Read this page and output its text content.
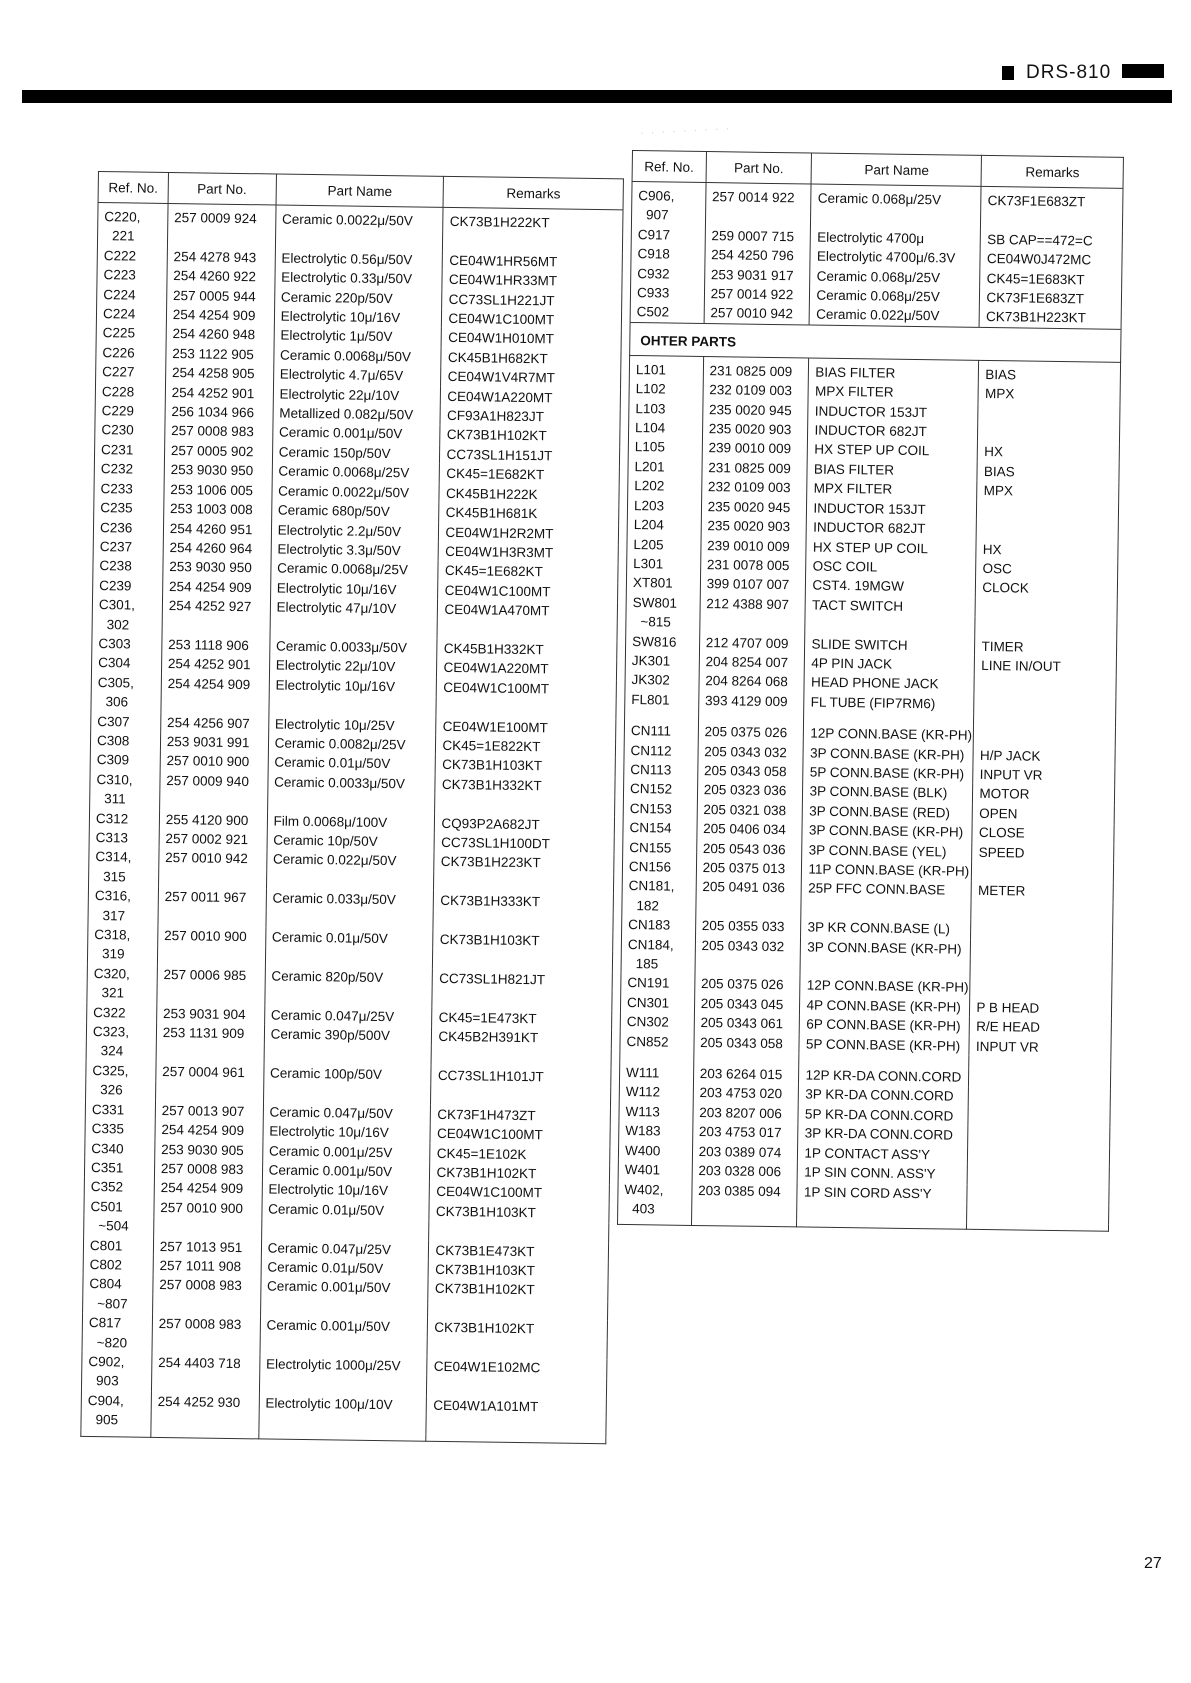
DRS-810
· · · · · · · · ·
Ref. No.	Part No.	Part Name	Remarks
C220,	257 0009 924	Ceramic 0.0022μ/50V	CK73B1H222KT
221			
C222	254 4278 943	Electrolytic 0.56μ/50V	CE04W1HR56MT
C223	254 4260 922	Electrolytic 0.33μ/50V	CE04W1HR33MT
C224	257 0005 944	Ceramic 220p/50V	CC73SL1H221JT
C224	254 4254 909	Electrolytic 10μ/16V	CE04W1C100MT
C225	254 4260 948	Electrolytic 1μ/50V	CE04W1H010MT
C226	253 1122 905	Ceramic 0.0068μ/50V	CK45B1H682KT
C227	254 4258 905	Electrolytic 4.7μ/65V	CE04W1V4R7MT
C228	254 4252 901	Electrolytic 22μ/10V	CE04W1A220MT
C229	256 1034 966	Metallized 0.082μ/50V	CF93A1H823JT
C230	257 0008 983	Ceramic 0.001μ/50V	CK73B1H102KT
C231	257 0005 902	Ceramic 150p/50V	CC73SL1H151JT
C232	253 9030 950	Ceramic 0.0068μ/25V	CK45=1E682KT
C233	253 1006 005	Ceramic 0.0022μ/50V	CK45B1H222K
C235	253 1003 008	Ceramic 680p/50V	CK45B1H681K
C236	254 4260 951	Electrolytic 2.2μ/50V	CE04W1H2R2MT
C237	254 4260 964	Electrolytic 3.3μ/50V	CE04W1H3R3MT
C238	253 9030 950	Ceramic 0.0068μ/25V	CK45=1E682KT
C239	254 4254 909	Electrolytic 10μ/16V	CE04W1C100MT
C301,	254 4252 927	Electrolytic 47μ/10V	CE04W1A470MT
302			
C303	253 1118 906	Ceramic 0.0033μ/50V	CK45B1H332KT
C304	254 4252 901	Electrolytic 22μ/10V	CE04W1A220MT
C305,	254 4254 909	Electrolytic 10μ/16V	CE04W1C100MT
306			
C307	254 4256 907	Electrolytic 10μ/25V	CE04W1E100MT
C308	253 9031 991	Ceramic 0.0082μ/25V	CK45=1E822KT
C309	257 0010 900	Ceramic 0.01μ/50V	CK73B1H103KT
C310,	257 0009 940	Ceramic 0.0033μ/50V	CK73B1H332KT
311			
C312	255 4120 900	Film 0.0068μ/100V	CQ93P2A682JT
C313	257 0002 921	Ceramic 10p/50V	CC73SL1H100DT
C314,	257 0010 942	Ceramic 0.022μ/50V	CK73B1H223KT
315			
C316,	257 0011 967	Ceramic 0.033μ/50V	CK73B1H333KT
317			
C318,	257 0010 900	Ceramic 0.01μ/50V	CK73B1H103KT
319			
C320,	257 0006 985	Ceramic 820p/50V	CC73SL1H821JT
321			
C322	253 9031 904	Ceramic 0.047μ/25V	CK45=1E473KT
C323,	253 1131 909	Ceramic 390p/500V	CK45B2H391KT
324			
C325,	257 0004 961	Ceramic 100p/50V	CC73SL1H101JT
326			
C331	257 0013 907	Ceramic 0.047μ/50V	CK73F1H473ZT
C335	254 4254 909	Electrolytic 10μ/16V	CE04W1C100MT
C340	253 9030 905	Ceramic 0.001μ/25V	CK45=1E102K
C351	257 0008 983	Ceramic 0.001μ/50V	CK73B1H102KT
C352	254 4254 909	Electrolytic 10μ/16V	CE04W1C100MT
C501	257 0010 900	Ceramic 0.01μ/50V	CK73B1H103KT
~504			
C801	257 1013 951	Ceramic 0.047μ/25V	CK73B1E473KT
C802	257 1011 908	Ceramic 0.01μ/50V	CK73B1H103KT
C804	257 0008 983	Ceramic 0.001μ/50V	CK73B1H102KT
~807			
C817	257 0008 983	Ceramic 0.001μ/50V	CK73B1H102KT
~820			
C902,	254 4403 718	Electrolytic 1000μ/25V	CE04W1E102MC
903			
C904,	254 4252 930	Electrolytic 100μ/10V	CE04W1A101MT
905			

Ref. No.	Part No.	Part Name	Remarks
C906,	257 0014 922	Ceramic 0.068μ/25V	CK73F1E683ZT
907			
C917	259 0007 715	Electrolytic 4700μ	SB CAP==472=C
C918	254 4250 796	Electrolytic 4700μ/6.3V	CE04W0J472MC
C932	253 9031 917	Ceramic 0.068μ/25V	CK45=1E683KT
C933	257 0014 922	Ceramic 0.068μ/25V	CK73F1E683ZT
C502	257 0010 942	Ceramic 0.022μ/50V	CK73B1H223KT
OHTER PARTS			
L101	231 0825 009	BIAS FILTER	BIAS
L102	232 0109 003	MPX FILTER	MPX
L103	235 0020 945	INDUCTOR 153JT	
L104	235 0020 903	INDUCTOR 682JT	
L105	239 0010 009	HX STEP UP COIL	HX
L201	231 0825 009	BIAS FILTER	BIAS
L202	232 0109 003	MPX FILTER	MPX
L203	235 0020 945	INDUCTOR 153JT	
L204	235 0020 903	INDUCTOR 682JT	
L205	239 0010 009	HX STEP UP COIL	HX
L301	231 0078 005	OSC COIL	OSC
XT801	399 0107 007	CST4. 19MGW	CLOCK
SW801	212 4388 907	TACT SWITCH	
~815			
SW816	212 4707 009	SLIDE SWITCH	TIMER
JK301	204 8254 007	4P PIN JACK	LINE IN/OUT
JK302	204 8264 068	HEAD PHONE JACK	
FL801	393 4129 009	FL TUBE (FIP7RM6)	

CN111	205 0375 026	12P CONN.BASE (KR-PH)	
CN112	205 0343 032	3P CONN.BASE (KR-PH)	H/P JACK
CN113	205 0343 058	5P CONN.BASE (KR-PH)	INPUT VR
CN152	205 0323 036	3P CONN.BASE (BLK)	MOTOR
CN153	205 0321 038	3P CONN.BASE (RED)	OPEN
CN154	205 0406 034	3P CONN.BASE (KR-PH)	CLOSE
CN155	205 0543 036	3P CONN.BASE (YEL)	SPEED
CN156	205 0375 013	11P CONN.BASE (KR-PH)	
CN181,	205 0491 036	25P FFC CONN.BASE	METER
182			
CN183	205 0355 033	3P KR CONN.BASE (L)	
CN184,	205 0343 032	3P CONN.BASE (KR-PH)	
185			
CN191	205 0375 026	12P CONN.BASE (KR-PH)	
CN301	205 0343 045	4P CONN.BASE (KR-PH)	P B HEAD
CN302	205 0343 061	6P CONN.BASE (KR-PH)	R/E HEAD
CN852	205 0343 058	5P CONN.BASE (KR-PH)	INPUT VR

W111	203 6264 015	12P KR-DA CONN.CORD	
W112	203 4753 020	3P KR-DA CONN.CORD	
W113	203 8207 006	5P KR-DA CONN.CORD	
W183	203 4753 017	3P KR-DA CONN.CORD	
W400	203 0389 074	1P CONTACT ASS'Y	
W401	203 0328 006	1P SIN CONN. ASS'Y	
W402,	203 0385 094	1P SIN CORD ASS'Y	
403			

27
